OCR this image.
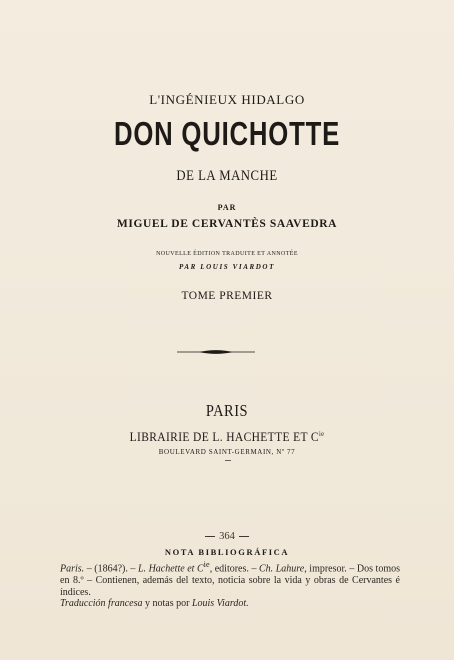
L'INGÉNIEUX HIDALGO
DON QUICHOTTE
DE LA MANCHE
PAR
MIGUEL DE CERVANTÈS SAAVEDRA
NOUVELLE ÉDITION TRADUITE ET ANNOTÉE
PAR LOUIS VIARDOT
TOME PREMIER
PARIS
LIBRAIRIE DE L. HACHETTE ET $C^{ie}$
BOULEVARD SAINT-GERMAIN, Nº 77
364
NOTA BIBLIOGRÁFICA
Paris. – (1864?). – L. Hachette et $C^{ie}$, editores. – Ch. Lahure, impresor. – Dos tomos en 8.º – Contienen, además del texto, noticia sobre la vida y obras de Cervantes é índices.
Traducción francesa y notas por Louis Viardot.
